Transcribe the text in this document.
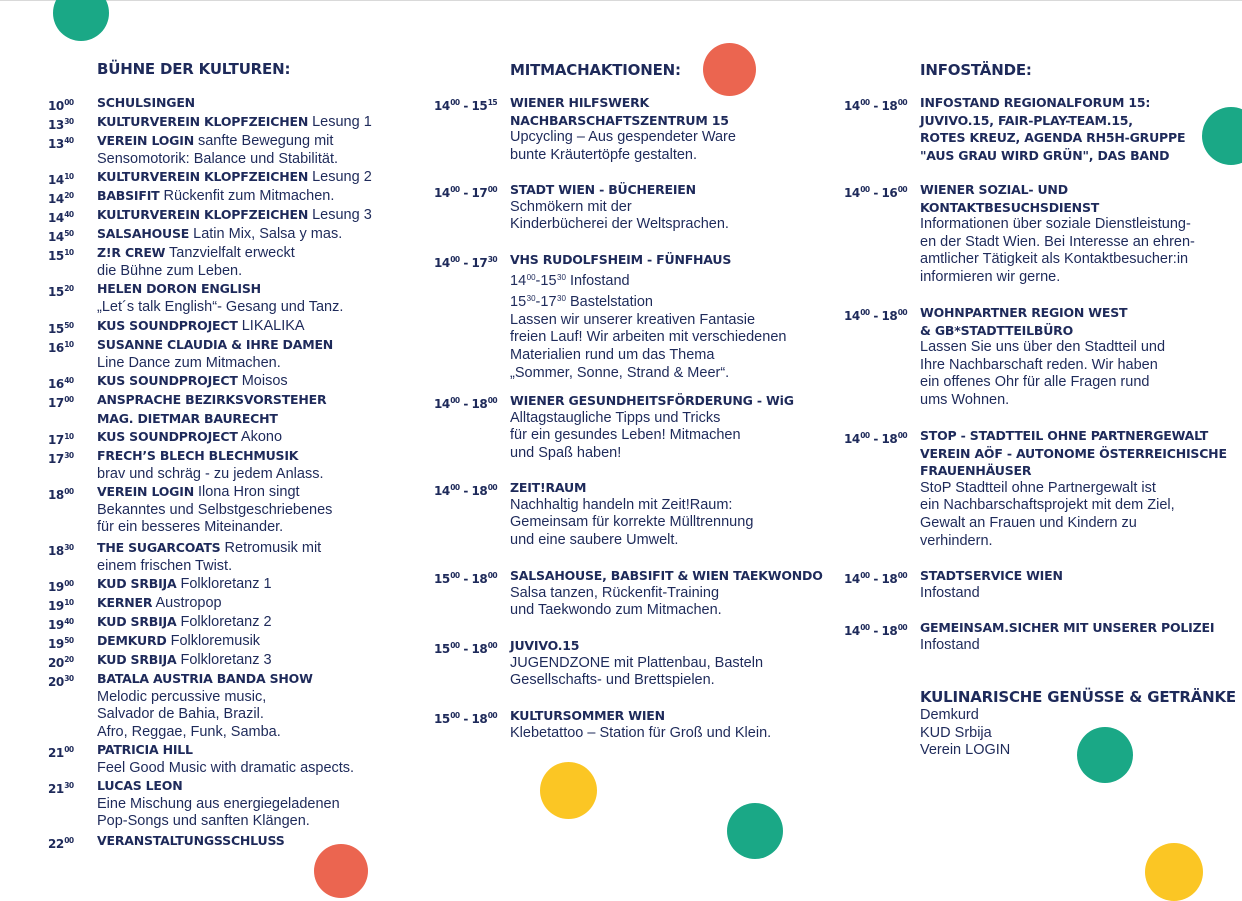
BÜHNE DER KULTUREN:	MITMACHAKTIONEN:	INFOSTÄNDE:
$10^{00}$ SCHULSINGEN
$13^{30}$ KULTURVEREIN KLOPFZEICHEN Lesung 1
$13^{40}$ VEREIN LOGIN sanfte Bewegung mit
Sensomotorik: Balance und Stabilität.
$14^{10}$ KULTURVEREIN KLOPFZEICHEN Lesung 2
$14^{20}$ BABSIFIT Rückenfit zum Mitmachen.
$14^{40}$ KULTURVEREIN KLOPFZEICHEN Lesung 3
$14^{50}$ SALSAHOUSE Latin Mix, Salsa y mas.
$15^{10}$ Z!R CREW Tanzvielfalt erweckt
die Bühne zum Leben.
$15^{20}$ HELEN DORON ENGLISH
„Let´s talk English“- Gesang und Tanz.
$15^{50}$ KUS SOUNDPROJECT LIKALIKA
$16^{10}$ SUSANNE CLAUDIA & IHRE DAMEN
Line Dance zum Mitmachen.
$16^{40}$ KUS SOUNDPROJECT Moisos
$17^{00}$ ANSPRACHE BEZIRKSVORSTEHER
MAG. DIETMAR BAURECHT
$17^{10}$ KUS SOUNDPROJECT Akono
$17^{30}$ FRECH’S BLECH BLECHMUSIK
brav und schräg - zu jedem Anlass.
$18^{00}$ VEREIN LOGIN Ilona Hron singt
Bekanntes und Selbstgeschriebenes
für ein besseres Miteinander.
$18^{30}$ THE SUGARCOATS Retromusik mit
einem frischen Twist.
$19^{00}$ KUD SRBIJA Folkloretanz 1
$19^{10}$ KERNER Austropop
$19^{40}$ KUD SRBIJA Folkloretanz 2
$19^{50}$ DEMKURD Folkloremusik
$20^{20}$ KUD SRBIJA Folkloretanz 3
$20^{30}$ BATALA AUSTRIA BANDA SHOW
Melodic percussive music,
Salvador de Bahia, Brazil.
Afro, Reggae, Funk, Samba.
$21^{00}$ PATRICIA HILL
Feel Good Music with dramatic aspects.
$21^{30}$ LUCAS LEON
Eine Mischung aus energiegeladenen
Pop-Songs und sanften Klängen.
$22^{00}$ VERANSTALTUNGSSCHLUSS
$14^{00} - 15^{15}$ WIENER HILFSWERK
NACHBARSCHAFTSZENTRUM 15
Upcycling – Aus gespendeter Ware
bunte Kräutertöpfe gestalten.
$14^{00} - 17^{00}$ STADT WIEN - BÜCHEREIEN
Schmökern mit der
Kinderbücherei der Weltsprachen.
$14^{00} - 17^{30}$ VHS RUDOLFSHEIM - FÜNFHAUS
$14^{00}-15^{30}$ Infostand
$15^{30}-17^{30}$ Bastelstation
Lassen wir unserer kreativen Fantasie
freien Lauf! Wir arbeiten mit verschiedenen
Materialien rund um das Thema
„Sommer, Sonne, Strand & Meer“.
$14^{00} - 18^{00}$ WIENER GESUNDHEITSFÖRDERUNG - WiG
Alltagstaugliche Tipps und Tricks
für ein gesundes Leben! Mitmachen
und Spaß haben!
$14^{00} - 18^{00}$ ZEIT!RAUM
Nachhaltig handeln mit Zeit!Raum:
Gemeinsam für korrekte Mülltrennung
und eine saubere Umwelt.
$15^{00} - 18^{00}$ SALSAHOUSE, BABSIFIT & WIEN TAEKWONDO
Salsa tanzen, Rückenfit-Training
und Taekwondo zum Mitmachen.
$15^{00} - 18^{00}$ JUVIVO.15
JUGENDZONE mit Plattenbau, Basteln
Gesellschafts- und Brettspielen.
$15^{00} - 18^{00}$ KULTURSOMMER WIEN
Klebetattoo – Station für Groß und Klein.
$14^{00} - 18^{00}$ INFOSTAND REGIONALFORUM 15:
JUVIVO.15, FAIR-PLAY-TEAM.15,
ROTES KREUZ, AGENDA RH5H-GRUPPE
"AUS GRAU WIRD GRÜN", DAS BAND
$14^{00} - 16^{00}$ WIENER SOZIAL- UND
KONTAKTBESUCHSDIENST
Informationen über soziale Dienstleistung-
en der Stadt Wien. Bei Interesse an ehren-
amtlicher Tätigkeit als Kontaktbesucher:in
informieren wir gerne.
$14^{00} - 18^{00}$ WOHNPARTNER REGION WEST
& GB*STADTTEILBÜRO
Lassen Sie uns über den Stadtteil und
Ihre Nachbarschaft reden. Wir haben
ein offenes Ohr für alle Fragen rund
ums Wohnen.
$14^{00} - 18^{00}$ STOP - STADTTEIL OHNE PARTNERGEWALT
VEREIN AÖF - AUTONOME ÖSTERREICHISCHE
FRAUENHÄUSER
StoP Stadtteil ohne Partnergewalt ist
ein Nachbarschaftsprojekt mit dem Ziel,
Gewalt an Frauen und Kindern zu
verhindern.
$14^{00} - 18^{00}$ STADTSERVICE WIEN
Infostand
$14^{00} - 18^{00}$ GEMEINSAM.SICHER MIT UNSERER POLIZEI
Infostand
KULINARISCHE GENÜSSE & GETRÄNKE
Demkurd
KUD Srbija
Verein LOGIN
